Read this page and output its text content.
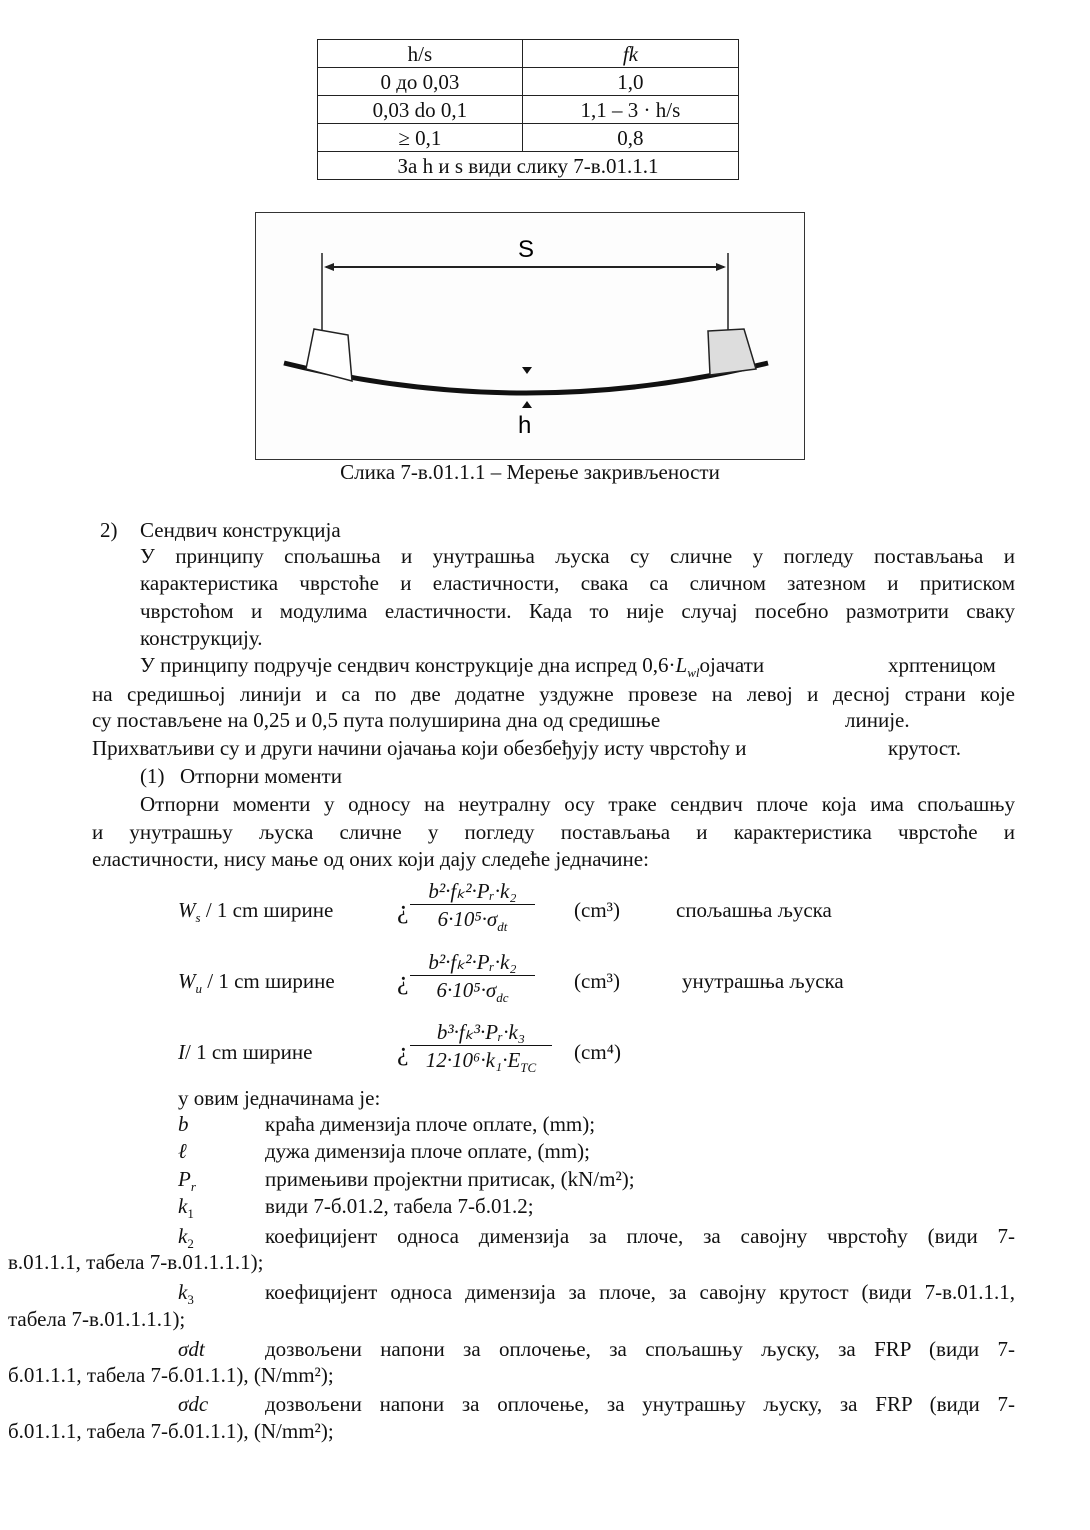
h/s	fk
0 до 0,03	1,0
0,03 do 0,1	1,1 – 3 · h/s
≥ 0,1	0,8
За h и s види слику 7-в.01.1.1	
S
h
Слика 7-в.01.1.1 – Мерење закривљености
2) Сендвич конструкција
У принципу спољашња и унутрашња љуска су сличне у погледу постављања и
карактеристика чврстоће и еластичности, свака са сличном затезном и притиском
чврстоћом и модулима еластичности. Када то није случај посебно размотрити сваку
конструкцију.
У принципу подручје сендвич конструкције дна испред $0,6\cdot L_{wl}ојачати$	хрптеницом
на средишњој линији и са по две додатне уздужне провезе на левој и десној страни које
су постављене на 0,25 и 0,5 пута полуширина дна од средишње	линије.
Прихватљиви су и други начини ојачања који обезбеђују исту чврстоћу и	крутост.
(1) Отпорни моменти
Отпорни моменти у односу на неутралну осу траке сендвич плоче која има спољашњу
и унутрашњу љуска сличне у погледу постављања и карактеристика чврстоће и
еластичности, нису мање од оних који дају следеће једначине:
$W_s / 1$ cm ширине ¿
b²·fₖ²·Pᵣ·k₂
$6\cdot 10^5\cdot\sigma_{dt}$
(cm³)	спољашња љуска
$W_u / 1$ cm ширине ¿
b²·fₖ²·Pᵣ·k₂
$6\cdot 10^5\cdot\sigma_{dc}$
(cm³)	унутрашња љуска
I/ 1 cm ширине	¿
b³·fₖ³·Pᵣ·k₃
$12\cdot 10^6\cdot k_1\cdot E_{TC}$
(cm⁴)
у овим једначинама је:
b	краћа димензија плоче оплате, (mm);
ℓ	дужа димензија плоче оплате, (mm);
$P_r$	примењиви пројектни притисак, (kN/m²);
$k_1$	види 7-б.01.2, табела 7-б.01.2;
$k_2$	коефицијент односа димензија за плоче, за савојну чврстоћу (види 7-
в.01.1.1, табела 7-в.01.1.1.1);
$k_3$	коефицијент односа димензија за плоче, за савојну крутост (види 7-в.01.1.1,
табела 7-в.01.1.1.1);
σdt	дозвољени напони за оплочење, за спољашњу љуску, за FRP (види 7-
б.01.1.1, табела 7-б.01.1.1), (N/mm²);
σdc	дозвољени напони за оплочење, за унутрашњу љуску, за FRP (види 7-
б.01.1.1, табела 7-б.01.1.1), (N/mm²);
